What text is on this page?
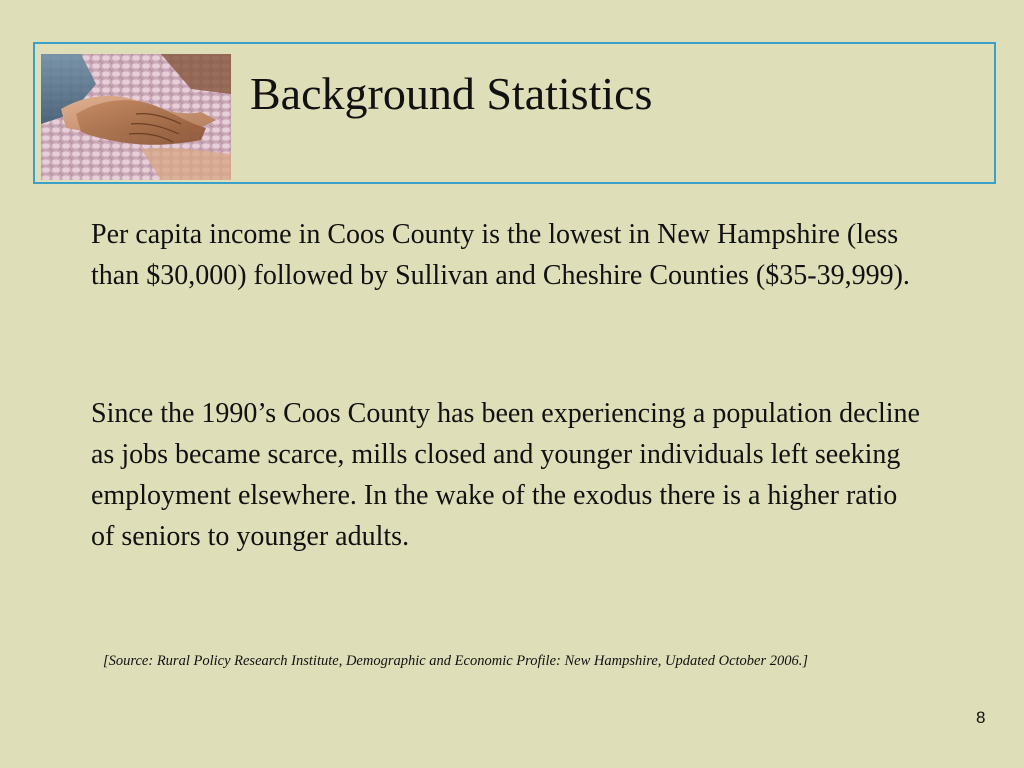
Background Statistics

Per capita income in Coos County is the lowest in New Hampshire (less than $30,000) followed by Sullivan and Cheshire Counties ($35-39,999).

Since the 1990’s Coos County has been experiencing a population decline as jobs became scarce, mills closed and younger individuals left seeking employment elsewhere. In the wake of the exodus there is a higher ratio of seniors to younger adults.

[Source: Rural Policy Research Institute, Demographic and Economic Profile: New Hampshire, Updated October 2006.]
8
